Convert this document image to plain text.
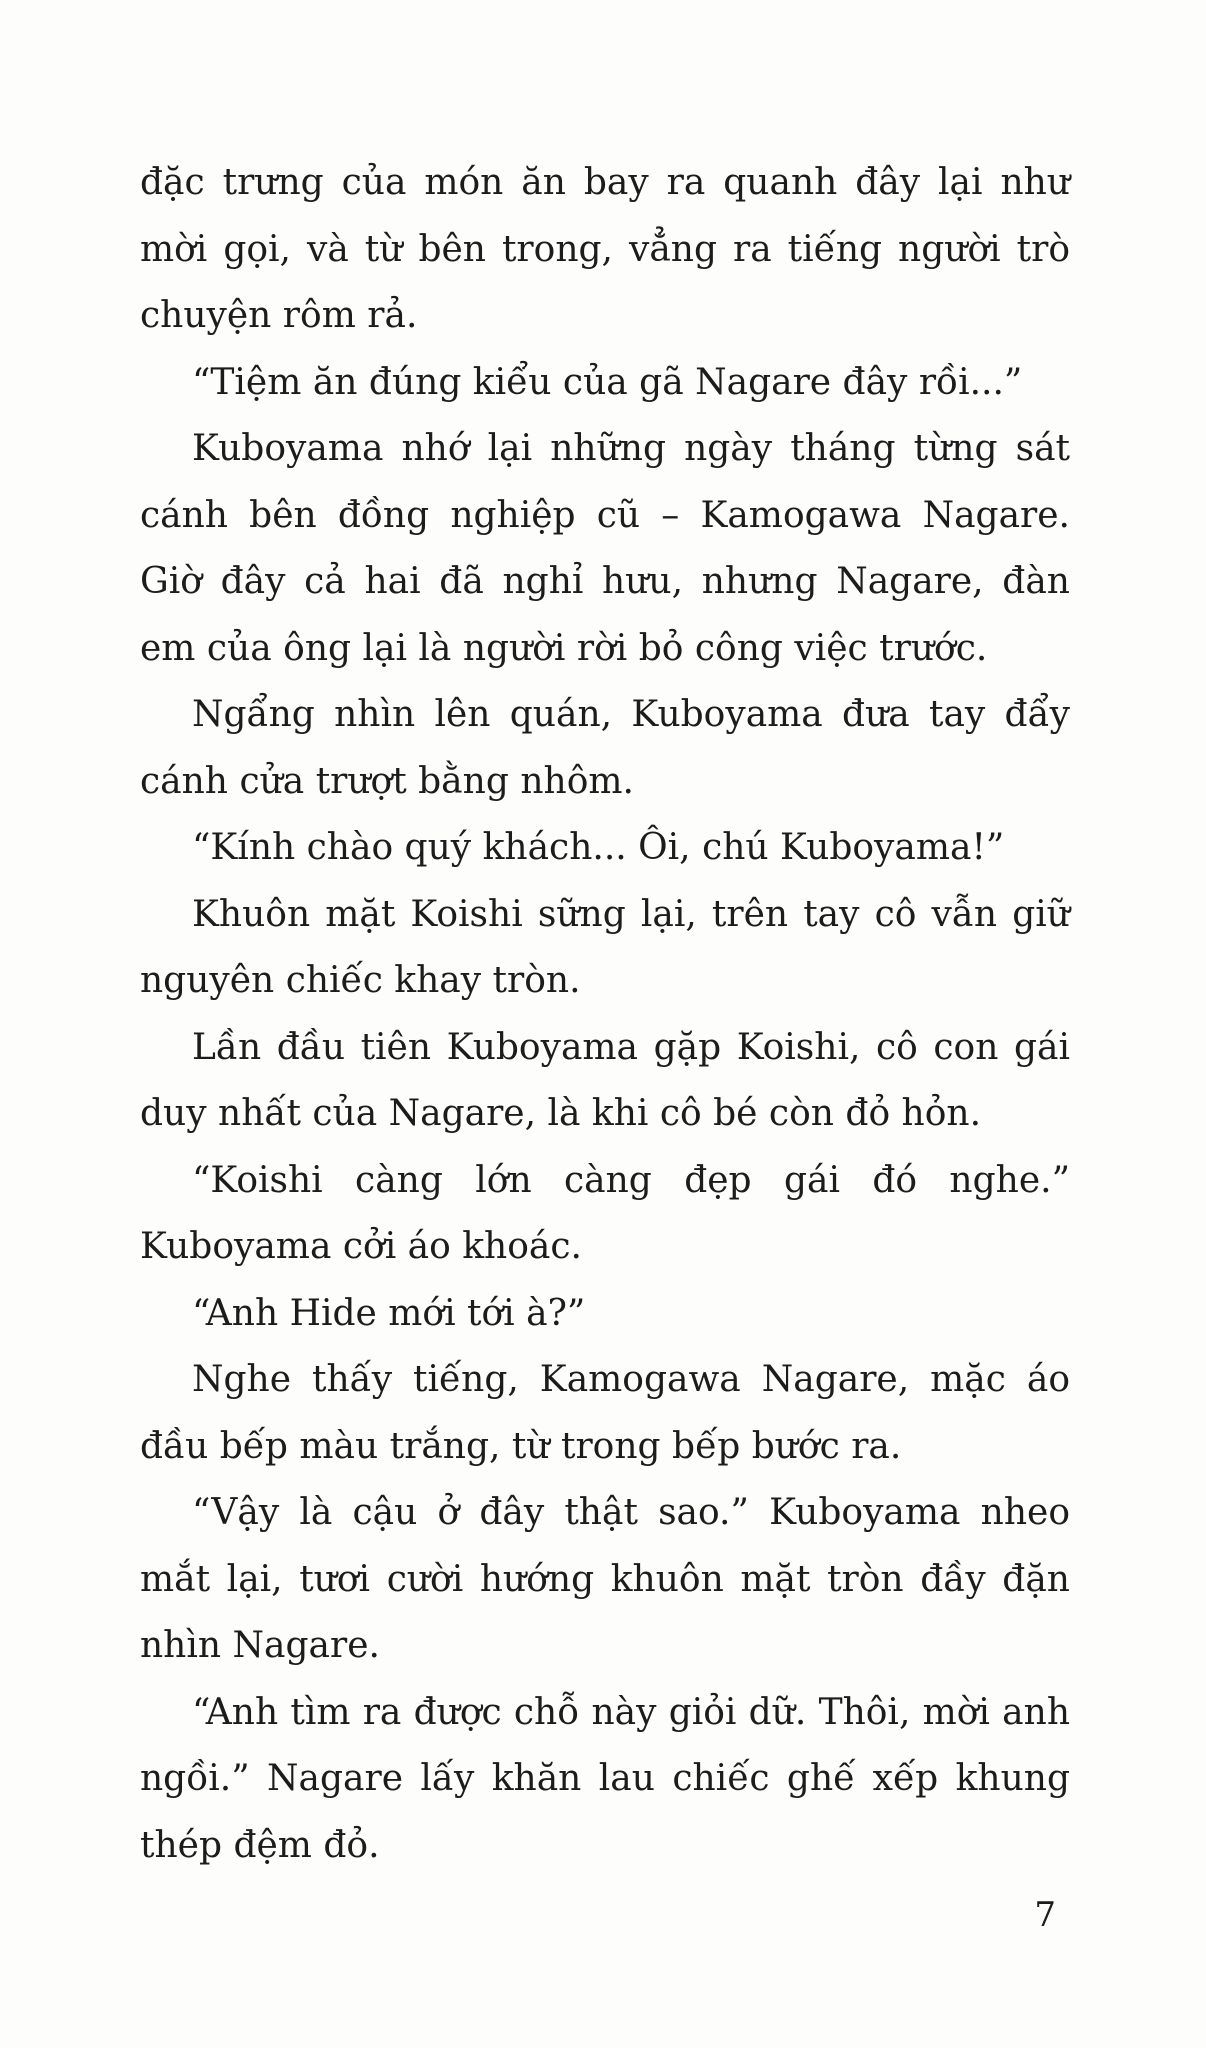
đặc trưng của món ăn bay ra quanh đây lại như mời gọi, và từ bên trong, vẳng ra tiếng người trò chuyện rôm rả.

“Tiệm ăn đúng kiểu của gã Nagare đây rồi...”

Kuboyama nhớ lại những ngày tháng từng sát cánh bên đồng nghiệp cũ – Kamogawa Nagare. Giờ đây cả hai đã nghỉ hưu, nhưng Nagare, đàn em của ông lại là người rời bỏ công việc trước.

Ngẩng nhìn lên quán, Kuboyama đưa tay đẩy cánh cửa trượt bằng nhôm.

“Kính chào quý khách... Ôi, chú Kuboyama!”

Khuôn mặt Koishi sững lại, trên tay cô vẫn giữ nguyên chiếc khay tròn.

Lần đầu tiên Kuboyama gặp Koishi, cô con gái duy nhất của Nagare, là khi cô bé còn đỏ hỏn.

“Koishi càng lớn càng đẹp gái đó nghe.” Kuboyama cởi áo khoác.

“Anh Hide mới tới à?”

Nghe thấy tiếng, Kamogawa Nagare, mặc áo đầu bếp màu trắng, từ trong bếp bước ra.

“Vậy là cậu ở đây thật sao.” Kuboyama nheo mắt lại, tươi cười hướng khuôn mặt tròn đầy đặn nhìn Nagare.

“Anh tìm ra được chỗ này giỏi dữ. Thôi, mời anh ngồi.” Nagare lấy khăn lau chiếc ghế xếp khung thép đệm đỏ.

7
